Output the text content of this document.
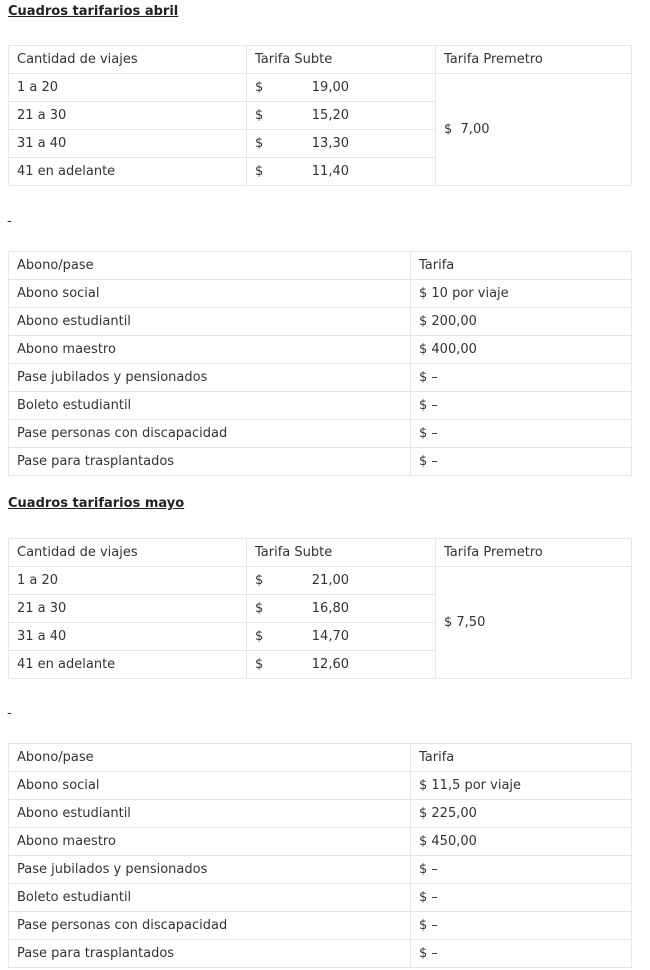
Cuadros tarifarios abril
Cantidad de viajes	Tarifa Subte	Tarifa Premetro
1 a 20	$ 19,00	$  7,00
21 a 30	$ 15,20	
31 a 40	$ 13,30	
41 en adelante	$ 11,40	
-
Abono/pase	Tarifa
Abono social	$ 10 por viaje
Abono estudiantil	$ 200,00
Abono maestro	$ 400,00
Pase jubilados y pensionados	$ –
Boleto estudiantil	$ –
Pase personas con discapacidad	$ –
Pase para trasplantados	$ –
Cuadros tarifarios mayo
Cantidad de viajes	Tarifa Subte	Tarifa Premetro
1 a 20	$ 21,00	$ 7,50
21 a 30	$ 16,80	
31 a 40	$ 14,70	
41 en adelante	$ 12,60	
-
Abono/pase	Tarifa
Abono social	$ 11,5 por viaje
Abono estudiantil	$ 225,00
Abono maestro	$ 450,00
Pase jubilados y pensionados	$ –
Boleto estudiantil	$ –
Pase personas con discapacidad	$ –
Pase para trasplantados	$ –
